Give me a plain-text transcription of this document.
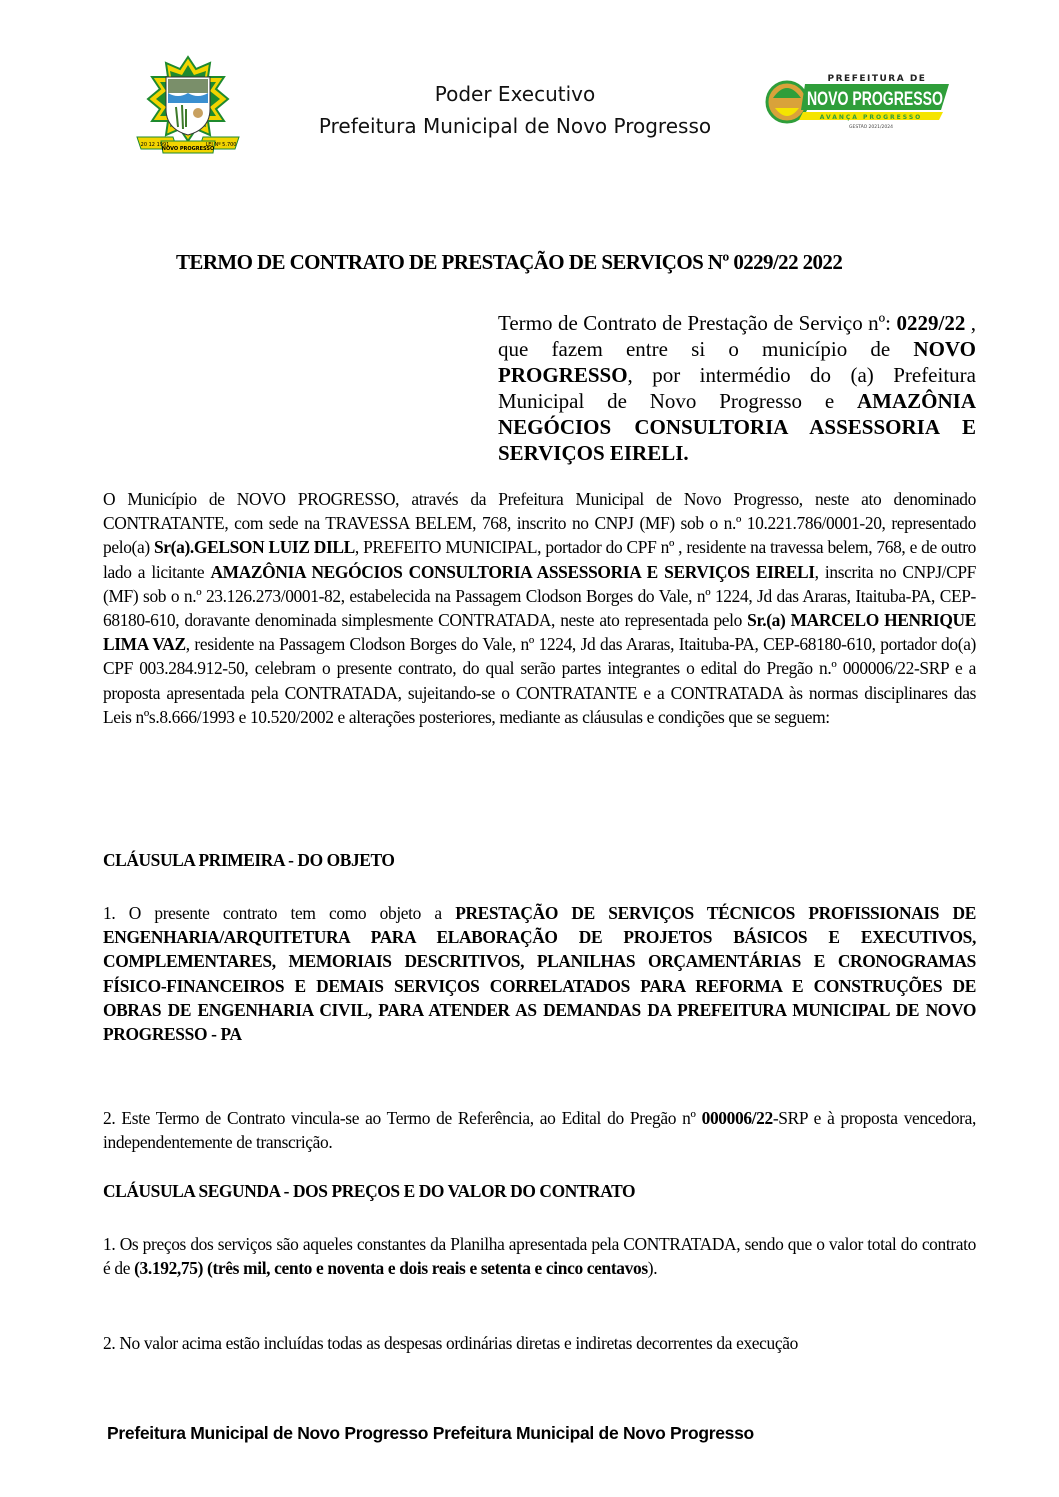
20 12 1991
NOVO PROGRESSO
LEI Nº 5.700
Poder Executivo
Prefeitura Municipal de Novo Progresso
PREFEITURA DE
NOVO PROGRESSO
AVANÇA PROGRESSO
GESTÃO 2021/2024
TERMO DE CONTRATO DE PRESTAÇÃO DE SERVIÇOS Nº 0229/22 2022
Termo de Contrato de Prestação de Serviço nº: 0229/22 , que fazem entre si o município de NOVO PROGRESSO, por intermédio do (a) Prefeitura Municipal de Novo Progresso e AMAZÔNIA NEGÓCIOS CONSULTORIA ASSESSORIA E SERVIÇOS EIRELI.
O Município de NOVO PROGRESSO, através da Prefeitura Municipal de Novo Progresso, neste ato denominado CONTRATANTE, com sede na TRAVESSA BELEM, 768, inscrito no CNPJ (MF) sob o n.º 10.221.786/0001-20, representado pelo(a) Sr(a).GELSON LUIZ DILL, PREFEITO MUNICIPAL, portador do CPF nº , residente na travessa belem, 768, e de outro lado a licitante AMAZÔNIA NEGÓCIOS CONSULTORIA ASSESSORIA E SERVIÇOS EIRELI, inscrita no CNPJ/CPF (MF) sob o n.º 23.126.273/0001-82, estabelecida na Passagem Clodson Borges do Vale, nº 1224, Jd das Araras, Itaituba-PA, CEP-68180-610, doravante denominada simplesmente CONTRATADA, neste ato representada pelo Sr.(a) MARCELO HENRIQUE LIMA VAZ, residente na Passagem Clodson Borges do Vale, nº 1224, Jd das Araras, Itaituba-PA, CEP-68180-610, portador do(a) CPF 003.284.912-50, celebram o presente contrato, do qual serão partes integrantes o edital do Pregão n.º 000006/22-SRP e a proposta apresentada pela CONTRATADA, sujeitando-se o CONTRATANTE e a CONTRATADA às normas disciplinares das Leis nºs.8.666/1993 e 10.520/2002 e alterações posteriores, mediante as cláusulas e condições que se seguem:
CLÁUSULA PRIMEIRA - DO OBJETO
1. O presente contrato tem como objeto a PRESTAÇÃO DE SERVIÇOS TÉCNICOS PROFISSIONAIS DE ENGENHARIA/ARQUITETURA PARA ELABORAÇÃO DE PROJETOS BÁSICOS E EXECUTIVOS, COMPLEMENTARES, MEMORIAIS DESCRITIVOS, PLANILHAS ORÇAMENTÁRIAS E CRONOGRAMAS FÍSICO-FINANCEIROS E DEMAIS SERVIÇOS CORRELATADOS PARA REFORMA E CONSTRUÇÕES DE OBRAS DE ENGENHARIA CIVIL, PARA ATENDER AS DEMANDAS DA PREFEITURA MUNICIPAL DE NOVO PROGRESSO - PA
2. Este Termo de Contrato vincula-se ao Termo de Referência, ao Edital do Pregão nº 000006/22-SRP e à proposta vencedora, independentemente de transcrição.
CLÁUSULA SEGUNDA - DOS PREÇOS E DO VALOR DO CONTRATO
1. Os preços dos serviços são aqueles constantes da Planilha apresentada pela CONTRATADA, sendo que o valor total do contrato é de (3.192,75) (três mil, cento e noventa e dois reais e setenta e cinco centavos).
2. No valor acima estão incluídas todas as despesas ordinárias diretas e indiretas decorrentes da execução
Prefeitura Municipal de Novo Progresso Prefeitura Municipal de Novo Progresso
